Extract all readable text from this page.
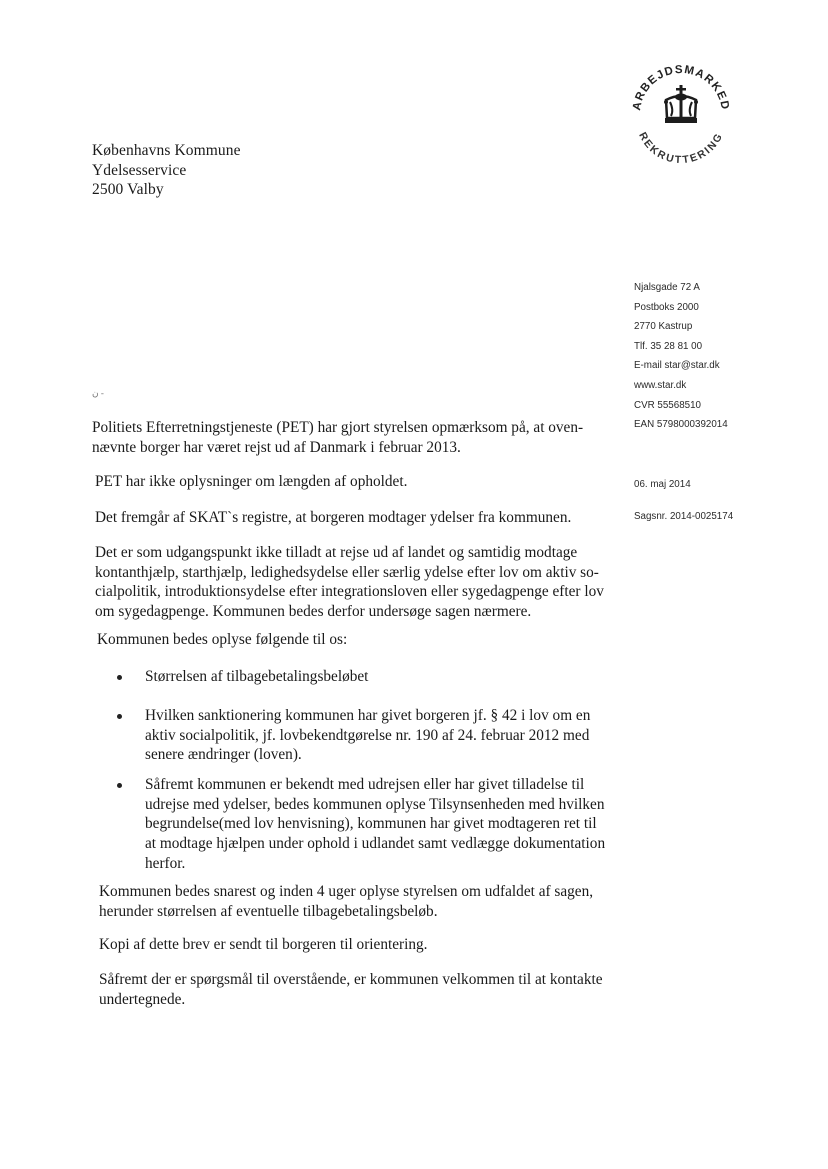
ARBEJDSMARKED
REKRUTTERING
Københavns Kommune
Ydelsesservice
2500 Valby
Njalsgade 72 A
Postboks 2000
2770 Kastrup
Tlf. 35 28 81 00
E-mail star@star.dk
www.star.dk
CVR 55568510
EAN 5798000392014
06. maj 2014
Sagsnr. 2014-0025174
ن -
Politiets Efterretningstjeneste (PET) har gjort styrelsen opmærksom på, at oven-
nævnte borger har været rejst ud af Danmark i februar 2013.
PET har ikke oplysninger om længden af opholdet.
Det fremgår af SKAT`s registre, at borgeren modtager ydelser fra kommunen.
Det er som udgangspunkt ikke tilladt at rejse ud af landet og samtidig modtage
kontanthjælp, starthjælp, ledighedsydelse eller særlig ydelse efter lov om aktiv so-
cialpolitik, introduktionsydelse efter integrationsloven eller sygedagpenge efter lov
om sygedagpenge. Kommunen bedes derfor undersøge sagen nærmere.
Kommunen bedes oplyse følgende til os:
Størrelsen af tilbagebetalingsbeløbet
Hvilken sanktionering kommunen har givet borgeren jf. § 42 i lov om en
aktiv socialpolitik, jf. lovbekendtgørelse nr. 190 af 24. februar 2012 med
senere ændringer (loven).
Såfremt kommunen er bekendt med udrejsen eller har givet tilladelse til
udrejse med ydelser, bedes kommunen oplyse Tilsynsenheden med hvilken
begrundelse(med lov henvisning), kommunen har givet modtageren ret til
at modtage hjælpen under ophold i udlandet samt vedlægge dokumentation
herfor.
Kommunen bedes snarest og inden 4 uger oplyse styrelsen om udfaldet af sagen,
herunder størrelsen af eventuelle tilbagebetalingsbeløb.
Kopi af dette brev er sendt til borgeren til orientering.
Såfremt der er spørgsmål til overstående, er kommunen velkommen til at kontakte
undertegnede.
